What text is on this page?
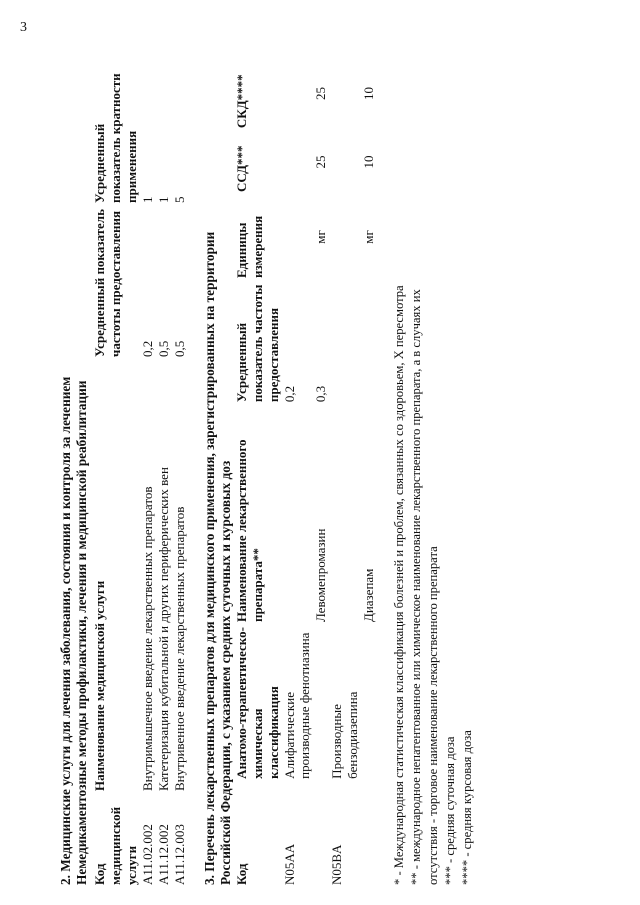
3

2. Медицинские услуги для лечения заболевания, состояния и контроля за лечением Немедикаментозные методы профилактики, лечения и медицинской реабилитации Код медицинской услуги	Наименование медицинской услуги	Усредненный показатель частоты предоставления	Усредненный показатель кратности применения
A11.02.002	Внутримышечное введение лекарственных препаратов	0,2	1
A11.12.002	Катетеризация кубитальной и других периферических вен	0,5	1
A11.12.003	Внутривенное введение лекарственных препаратов	0,5	5

3. Перечень лекарственных препаратов для медицинского применения, зарегистрированных на территории Российской Федерации, с указанием средних суточных и курсовых доз Код	Анатомо-терапевтическо-химическая классификация	Наименование лекарственного препарата**	Усредненный показатель частоты предоставления	Единицы измерения	ССД***	СКД****
N05AA	Алифатические производные фенотиазина		0,2			
		Левомепромазин	0,3	мг	25	25
N05BA	Производные бензодиазепина					
		Диазепам		мг	10	10

* - Международная статистическая классификация болезней и проблем, связанных со здоровьем, X пересмотра ** - международное непатентованное или химическое наименование лекарственного препарата, а в случаях их отсутствия - торговое наименование лекарственного препарата *** - средняя суточная доза **** - средняя курсовая доза
